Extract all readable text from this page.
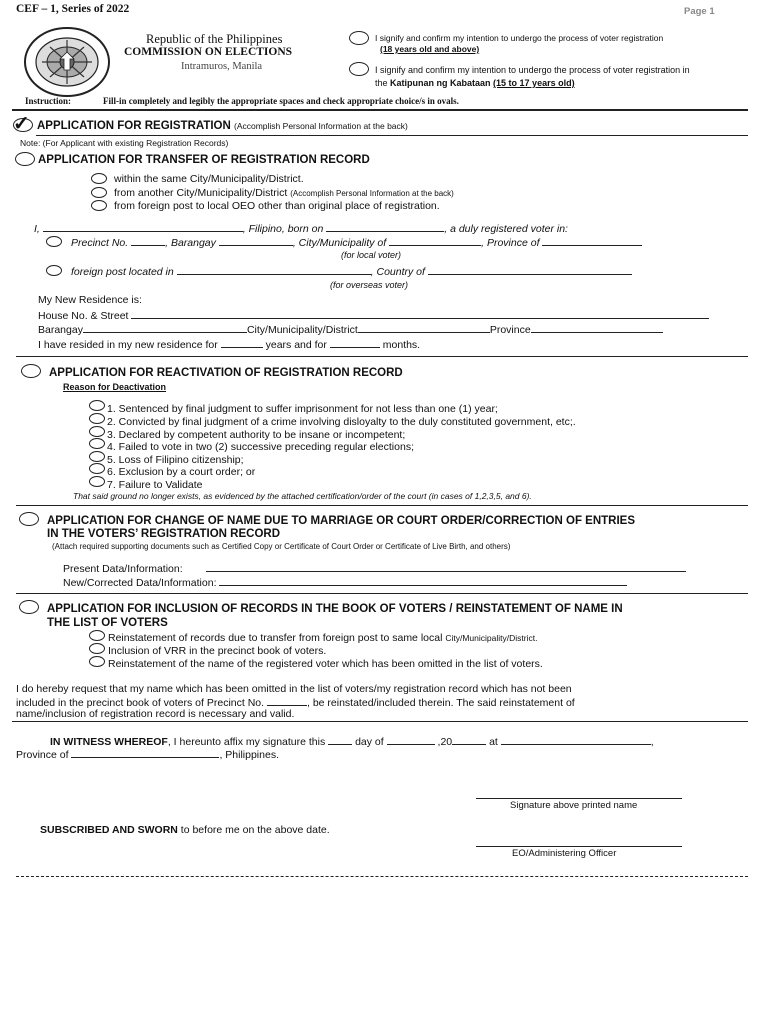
CEF – 1, Series of 2022	Page 1
Republic of the Philippines
COMMISSION ON ELECTIONS
Intramuros, Manila
I signify and confirm my intention to undergo the process of voter registration
(18 years old and above)
I signify and confirm my intention to undergo the process of voter registration in
the Katipunan ng Kabataan (15 to 17 years old)
Instruction:	Fill-in completely and legibly the appropriate spaces and check appropriate choice/s in ovals.
✓ APPLICATION FOR REGISTRATION (Accomplish Personal Information at the back)
Note: (For Applicant with existing Registration Records)
APPLICATION FOR TRANSFER OF REGISTRATION RECORD
within the same City/Municipality/District.
from another City/Municipality/District (Accomplish Personal Information at the back)
from foreign post to local OEO other than original place of registration.
I,	, Filipino, born on	, a duly registered voter in:
Precinct No.	, Barangay	, City/Municipality of	, Province of
(for local voter)
foreign post located in	, Country of
(for overseas voter)
My New Residence is:
House No. & Street
Barangay	City/Municipality/District	Province
I have resided in my new residence for	years and for	months.
APPLICATION FOR REACTIVATION OF REGISTRATION RECORD
Reason for Deactivation
1. Sentenced by final judgment to suffer imprisonment for not less than one (1) year;
2. Convicted by final judgment of a crime involving disloyalty to the duly constituted government, etc;.
3. Declared by competent authority to be insane or incompetent;
4. Failed to vote in two (2) successive preceding regular elections;
5. Loss of Filipino citizenship;
6. Exclusion by a court order; or
7. Failure to Validate
That said ground no longer exists, as evidenced by the attached certification/order of the court (in cases of 1,2,3,5, and 6).
APPLICATION FOR CHANGE OF NAME DUE TO MARRIAGE OR COURT ORDER/CORRECTION OF ENTRIES
IN THE VOTERS’ REGISTRATION RECORD
(Attach required supporting documents such as Certified Copy or Certificate of Court Order or Certificate of Live Birth, and others)
Present Data/Information:
New/Corrected Data/Information:
APPLICATION FOR INCLUSION OF RECORDS IN THE BOOK OF VOTERS / REINSTATEMENT OF NAME IN
THE LIST OF VOTERS
Reinstatement of records due to transfer from foreign post to same local City/Municipality/District.
Inclusion of VRR in the precinct book of voters.
Reinstatement of the name of the registered voter which has been omitted in the list of voters.
I do hereby request that my name which has been omitted in the list of voters/my registration record which has not been
included in the precinct book of voters of Precinct No.	, be reinstated/included therein. The said reinstatement of
name/inclusion of registration record is necessary and valid.
IN WITNESS WHEREOF, I hereunto affix my signature this	day of	,20	at	,
Province of	, Philippines.
Signature above printed name
SUBSCRIBED AND SWORN to before me on the above date.
EO/Administering Officer
